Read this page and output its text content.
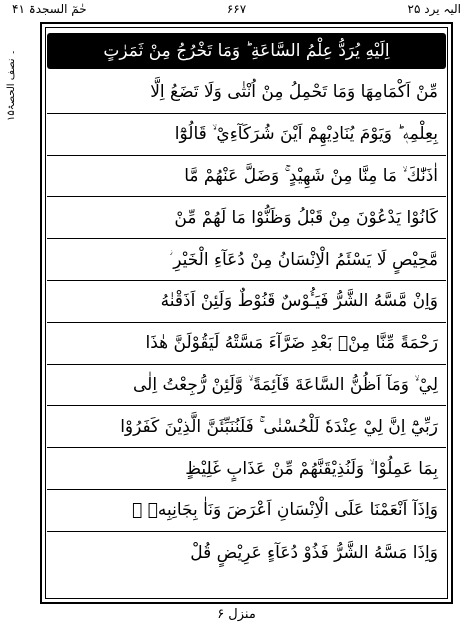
الیہ یرد ۲۵
۶۶۷
حٰمٓ السجدۃ ۴۱
۱۵۔ نصف الحصۃ	اِلَيْهِ يُرَدُّ عِلْمُ السَّاعَةِ ؕ وَمَا تَخْرُجُ مِنْ ثَمَرٰتٍ
مِّنْ اَكْمَامِهَا وَمَا تَحْمِلُ مِنْ اُنْثٰى وَلَا تَضَعُ اِلَّا
بِعِلْمِهٖ ؕ وَيَوْمَ يُنَادِيْهِمْ اَيْنَ شُرَكَآءِيْ ۙ قَالُوْٓا
اٰذَنّٰكَ ۙ مَا مِنَّا مِنْ شَهِيْدٍ ۚ وَضَلَّ عَنْهُمْ مَّا
كَانُوْا يَدْعُوْنَ مِنْ قَبْلُ وَظَنُّوْا مَا لَهُمْ مِّنْ
مَّحِيْصٍ لَا يَسْئَمُ الْاِنْسَانُ مِنْ دُعَآءِ الْخَيْرِ ؗ
وَاِنْ مَّسَّهُ الشَّرُّ فَيَـُٔوْسٌ قَنُوْطٌ وَلَئِنْ اَذَقْنٰهُ
رَحْمَةً مِّنَّا مِنْۢ بَعْدِ ضَرَّآءَ مَسَّتْهُ لَيَقُوْلَنَّ هٰذَا
لِيْ ۙ وَمَآ اَظُنُّ السَّاعَةَ قَآئِمَةً ۙ وَّلَئِنْ رُّجِعْتُ اِلٰى
رَبِّيْٓ اِنَّ لِيْ عِنْدَهٗ لَلْحُسْنٰى ۚ فَلَنُنَبِّئَنَّ الَّذِيْنَ كَفَرُوْا
بِمَا عَمِلُوْا ۙ وَلَنُذِيْقَنَّهُمْ مِّنْ عَذَابٍ غَلِيْظٍ
وَاِذَآ اَنْعَمْنَا عَلَى الْاِنْسَانِ اَعْرَضَ وَنَاٰ بِجَانِبِهٖ ۚ
وَاِذَا مَسَّهُ الشَّرُّ فَذُوْ دُعَآءٍ عَرِيْضٍ قُلْ
منزل ۶
